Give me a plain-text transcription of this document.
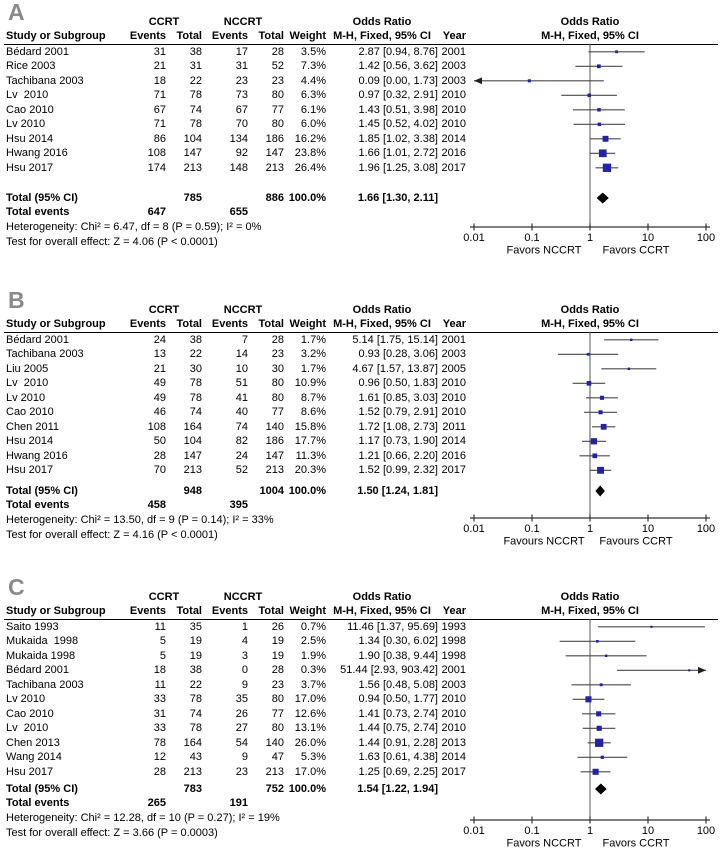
A	CCRT	NCCRT	Odds Ratio
Study or Subgroup	Events Total Events Total Weight M-H, Fixed, 95% CI	Year
Bédard 2001	31	38	17	28	3.5%	2.87 [0.94, 8.76] 2001
Rice 2003	21	31	31	52	7.3%	1.42 [0.56, 3.62] 2003
Tachibana 2003	18	22	23	23	4.4%	0.09 [0.00, 1.73] 2003
Lv  2010	71	78	73	80	6.3%	0.97 [0.32, 2.91] 2010
Cao 2010	67	74	67	77	6.1%	1.43 [0.51, 3.98] 2010
Lv 2010	71	78	70	80	6.0%	1.45 [0.52, 4.02] 2010
Hsu 2014	86	104	134	186 16.2%	1.85 [1.02, 3.38] 2014
Hwang 2016	108	147	92	147 23.8%	1.66 [1.01, 2.72] 2016
Hsu 2017	174	213	148	213 26.4%	1.96 [1.25, 3.08] 2017
Total (95% CI)	785	886 100.0%	1.66 [1.30, 2.11]
Total events	647	655
Heterogeneity: Chi² = 6.47, df = 8 (P = 0.59); I² = 0%
Test for overall effect: Z = 4.06 (P < 0.0001)
Odds Ratio
M-H, Fixed, 95% CI
0.01	0.1	1	10	100
Favors NCCRT Favors CCRT
B	CCRT	NCCRT	Odds Ratio
Study or Subgroup	Events Total Events Total Weight M-H, Fixed, 95% CI	Year
Bédard 2001	24	38	7	28	1.7%	5.14 [1.75, 15.14] 2001
Tachibana 2003	13	22	14	23	3.2%	0.93 [0.28, 3.06] 2003
Liu 2005	21	30	10	30	1.7%	4.67 [1.57, 13.87] 2005
Lv  2010	49	78	51	80 10.9%	0.96 [0.50, 1.83] 2010
Lv 2010	49	78	41	80	8.7%	1.61 [0.85, 3.03] 2010
Cao 2010	46	74	40	77	8.6%	1.52 [0.79, 2.91] 2010
Chen 2011	108	164	74	140 15.8%	1.72 [1.08, 2.73] 2011
Hsu 2014	50	104	82	186 17.7%	1.17 [0.73, 1.90] 2014
Hwang 2016	28	147	24	147	11.3%	1.21 [0.66, 2.20] 2016
Hsu 2017	70	213	52	213 20.3%	1.52 [0.99, 2.32] 2017
Total (95% CI)	948	1004 100.0%	1.50 [1.24, 1.81]
Total events	458	395
Heterogeneity: Chi² = 13.50, df = 9 (P = 0.14); I² = 33%
Test for overall effect: Z = 4.16 (P < 0.0001)
Odds Ratio
M-H, Fixed, 95% CI
0.01	0.1	1	10	100
Favours NCCRT Favours CCRT
C	CCRT	NCCRT	Odds Ratio
Study or Subgroup	Events Total Events Total Weight M-H, Fixed, 95% CI	Year
Saito 1993	11	35	1	26	0.7%	11.46 [1.37, 95.69] 1993
Mukaida  1998	5	19	4	19	2.5%	1.34 [0.30, 6.02] 1998
Mukaida 1998	5	19	3	19	1.9%	1.90 [0.38, 9.44] 1998
Bédard 2001	18	38	0	28	0.3%	51.44 [2.93, 903.42] 2001
Tachibana 2003	11	22	9	23	3.7%	1.56 [0.48, 5.08] 2003
Lv 2010	33	78	35	80 17.0%	0.94 [0.50, 1.77] 2010
Cao 2010	31	74	26	77 12.6%	1.41 [0.73, 2.74] 2010
Lv  2010	33	78	27	80 13.1%	1.44 [0.75, 2.74] 2010
Chen 2013	78	164	54	140 26.0%	1.44 [0.91, 2.28] 2013
Wang 2014	12	43	9	47	5.3%	1.63 [0.61, 4.38] 2014
Hsu 2017	28	213	23	213 17.0%	1.25 [0.69, 2.25] 2017
Total (95% CI)	783	752 100.0%	1.54 [1.22, 1.94]
Total events	265	191
Heterogeneity: Chi² = 12.28, df = 10 (P = 0.27); I² = 19%
Test for overall effect: Z = 3.66 (P = 0.0003)
Odds Ratio
M-H, Fixed, 95% CI
0.01	0.1	1	10	100
Favors NCCRT Favors CCRT
